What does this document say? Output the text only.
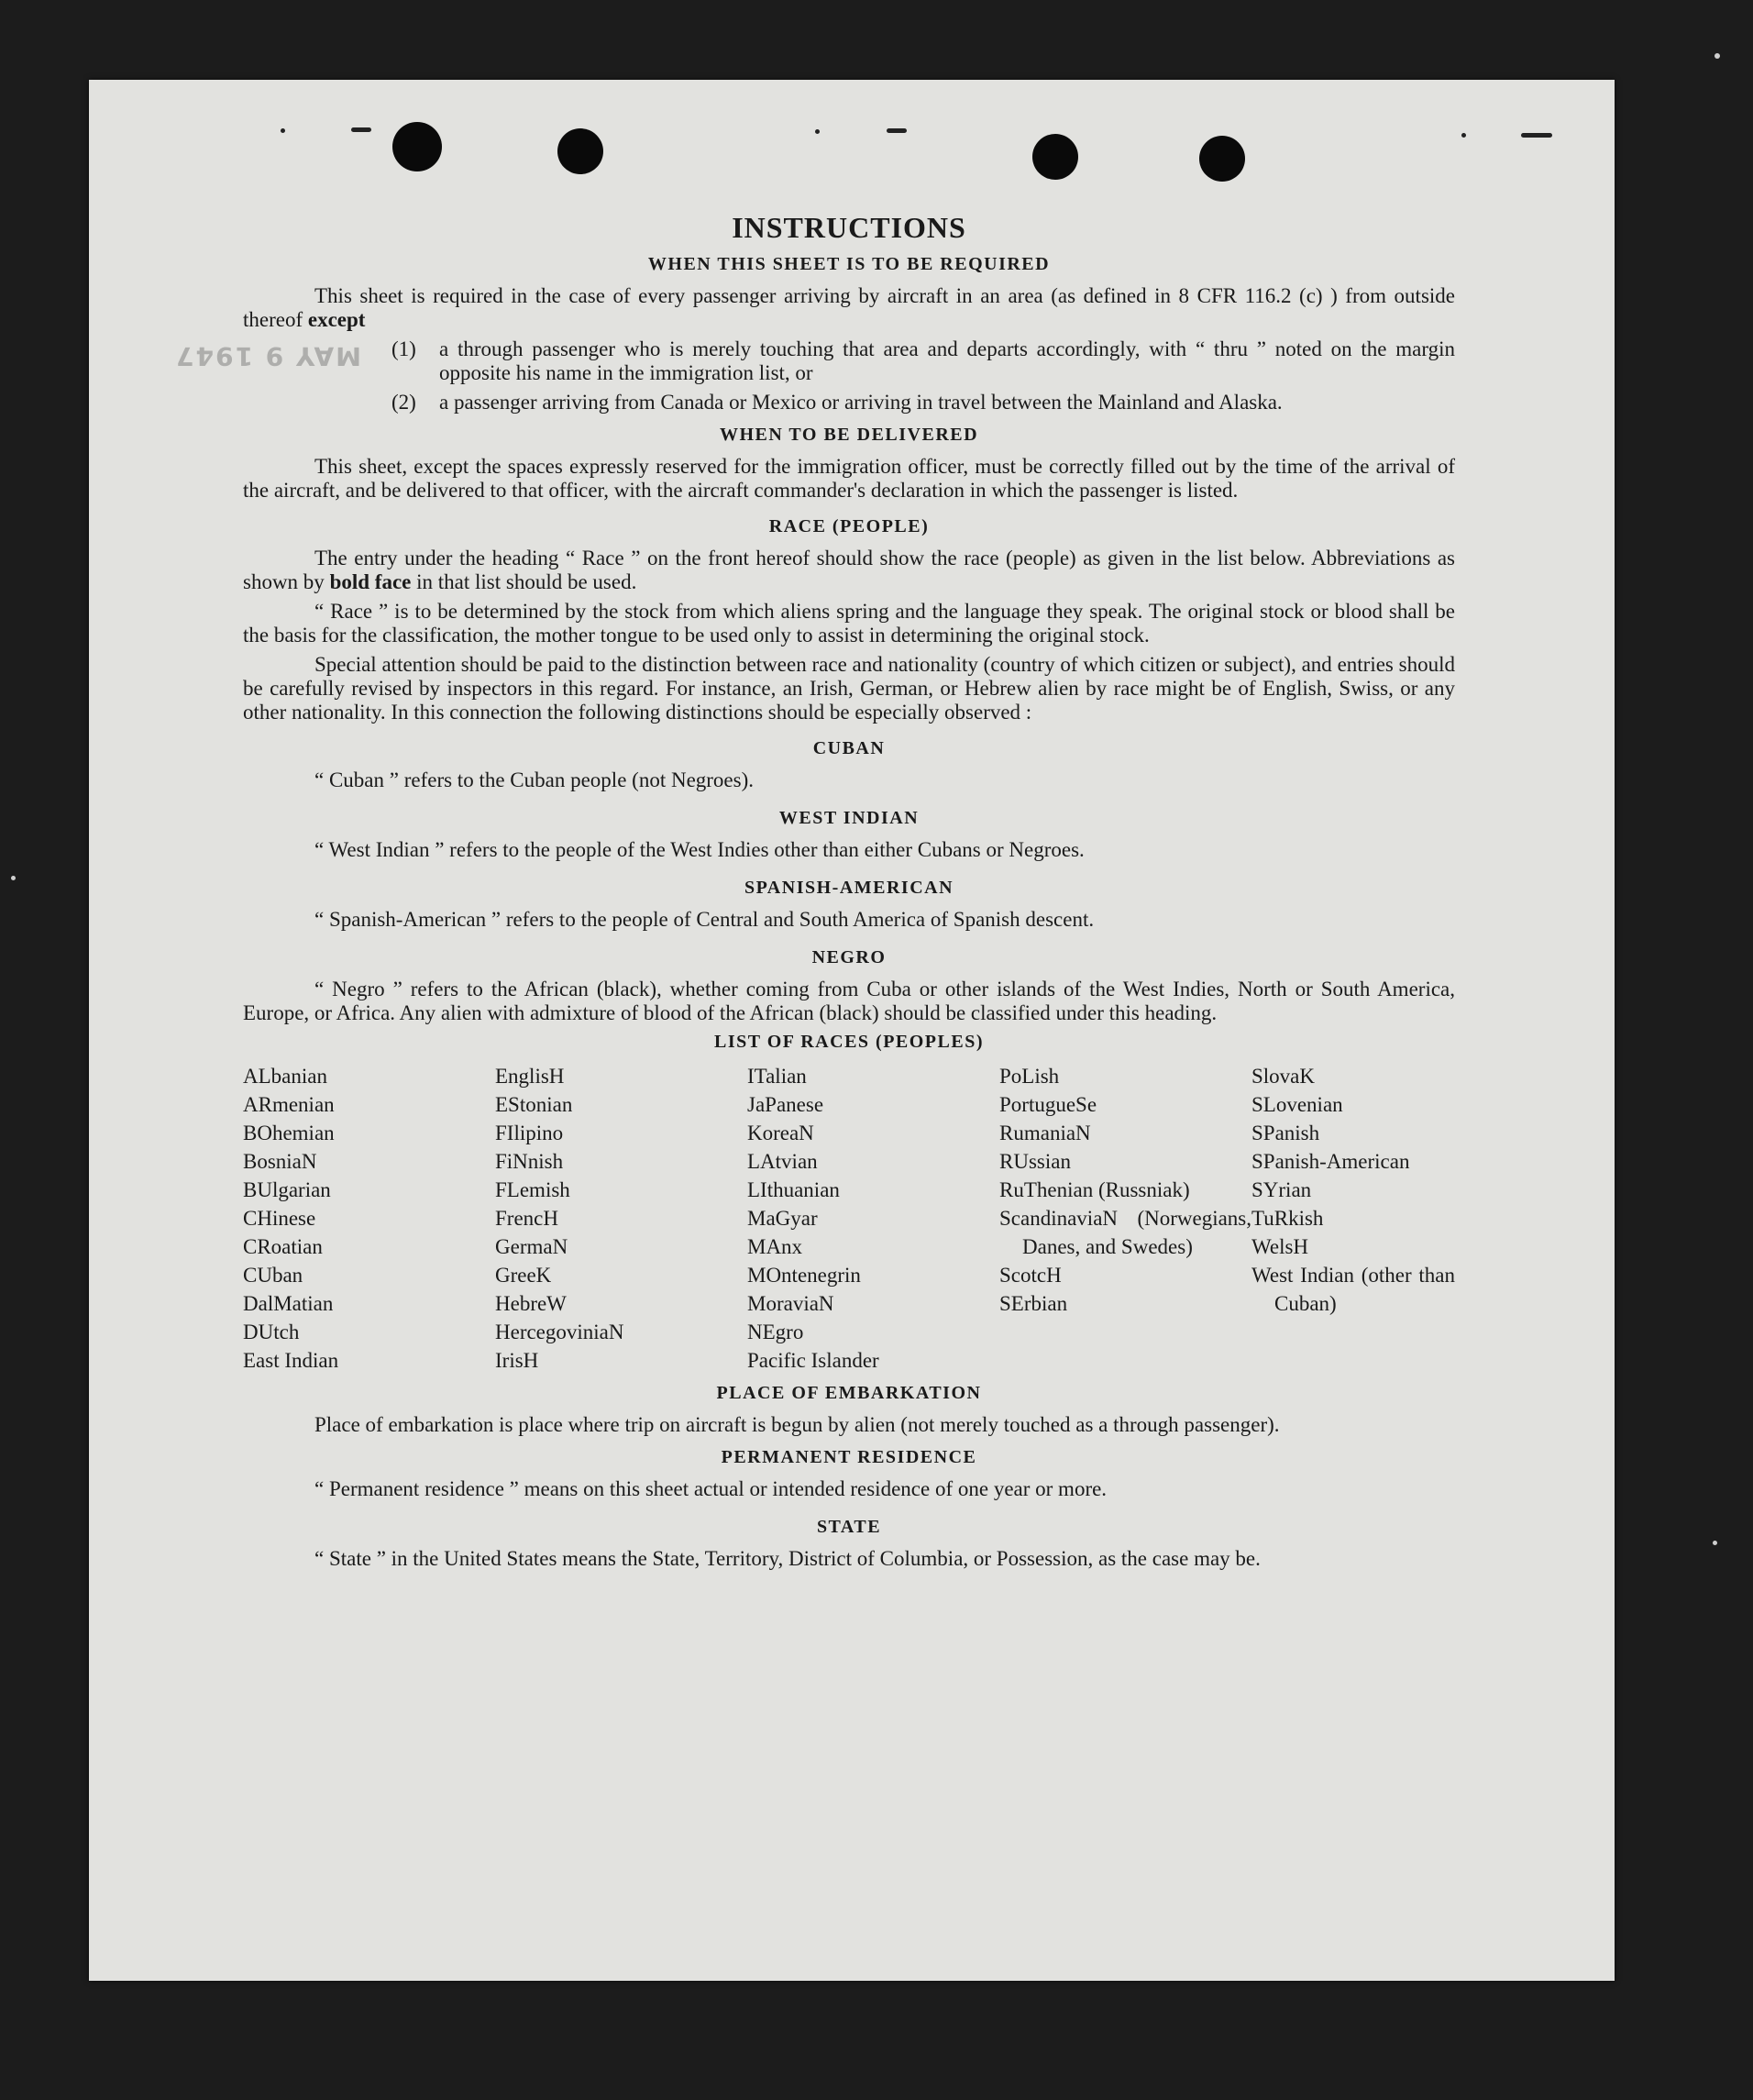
MAY 9 1947
INSTRUCTIONS
WHEN THIS SHEET IS TO BE REQUIRED
This sheet is required in the case of every passenger arriving by aircraft in an area (as defined in 8 CFR 116.2 (c) ) from outside thereof except
(1)	a through passenger who is merely touching that area and departs accordingly, with “ thru ” noted on the margin opposite his name in the immigration list, or
(2)	a passenger arriving from Canada or Mexico or arriving in travel between the Mainland and Alaska.
WHEN TO BE DELIVERED
This sheet, except the spaces expressly reserved for the immigration officer, must be correctly filled out by the time of the arrival of the aircraft, and be delivered to that officer, with the aircraft commander's declaration in which the passenger is listed.
RACE (PEOPLE)
The entry under the heading “ Race ” on the front hereof should show the race (people) as given in the list below. Abbreviations as shown by bold face in that list should be used.
“ Race ” is to be determined by the stock from which aliens spring and the language they speak. The original stock or blood shall be the basis for the classification, the mother tongue to be used only to assist in determining the original stock.
Special attention should be paid to the distinction between race and nationality (country of which citizen or subject), and entries should be carefully revised by inspectors in this regard. For instance, an Irish, German, or Hebrew alien by race might be of English, Swiss, or any other nationality. In this connection the following distinctions should be especially observed :
CUBAN
“ Cuban ” refers to the Cuban people (not Negroes).
WEST INDIAN
“ West Indian ” refers to the people of the West Indies other than either Cubans or Negroes.
SPANISH-AMERICAN
“ Spanish-American ” refers to the people of Central and South America of Spanish descent.
NEGRO
“ Negro ” refers to the African (black), whether coming from Cuba or other islands of the West Indies, North or South America, Europe, or Africa. Any alien with admixture of blood of the African (black) should be classified under this heading.
LIST OF RACES (PEOPLES)
ALbanian
ARmenian
BOhemian
BosniaN
BUlgarian
CHinese
CRoatian
CUban
DalMatian
DUtch
East Indian
EnglisH
EStonian
FIlipino
FiNnish
FLemish
FrencH
GermaN
GreeK
HebreW
HercegoviniaN
IrisH
ITalian
JaPanese
KoreaN
LAtvian
LIthuanian
MaGyar
MAnx
MOntenegrin
MoraviaN
NEgro
Pacific Islander
PoLish
PortugueSe
RumaniaN
RUssian
RuThenian (Russniak)
ScandinaviaN (Norwegians, Danes, and Swedes)
ScotcH
SErbian
SlovaK
SLovenian
SPanish
SPanish-American
SYrian
TuRkish
WelsH
West Indian (other than Cuban)
PLACE OF EMBARKATION
Place of embarkation is place where trip on aircraft is begun by alien (not merely touched as a through passenger).
PERMANENT RESIDENCE
“ Permanent residence ” means on this sheet actual or intended residence of one year or more.
STATE
“ State ” in the United States means the State, Territory, District of Columbia, or Possession, as the case may be.
